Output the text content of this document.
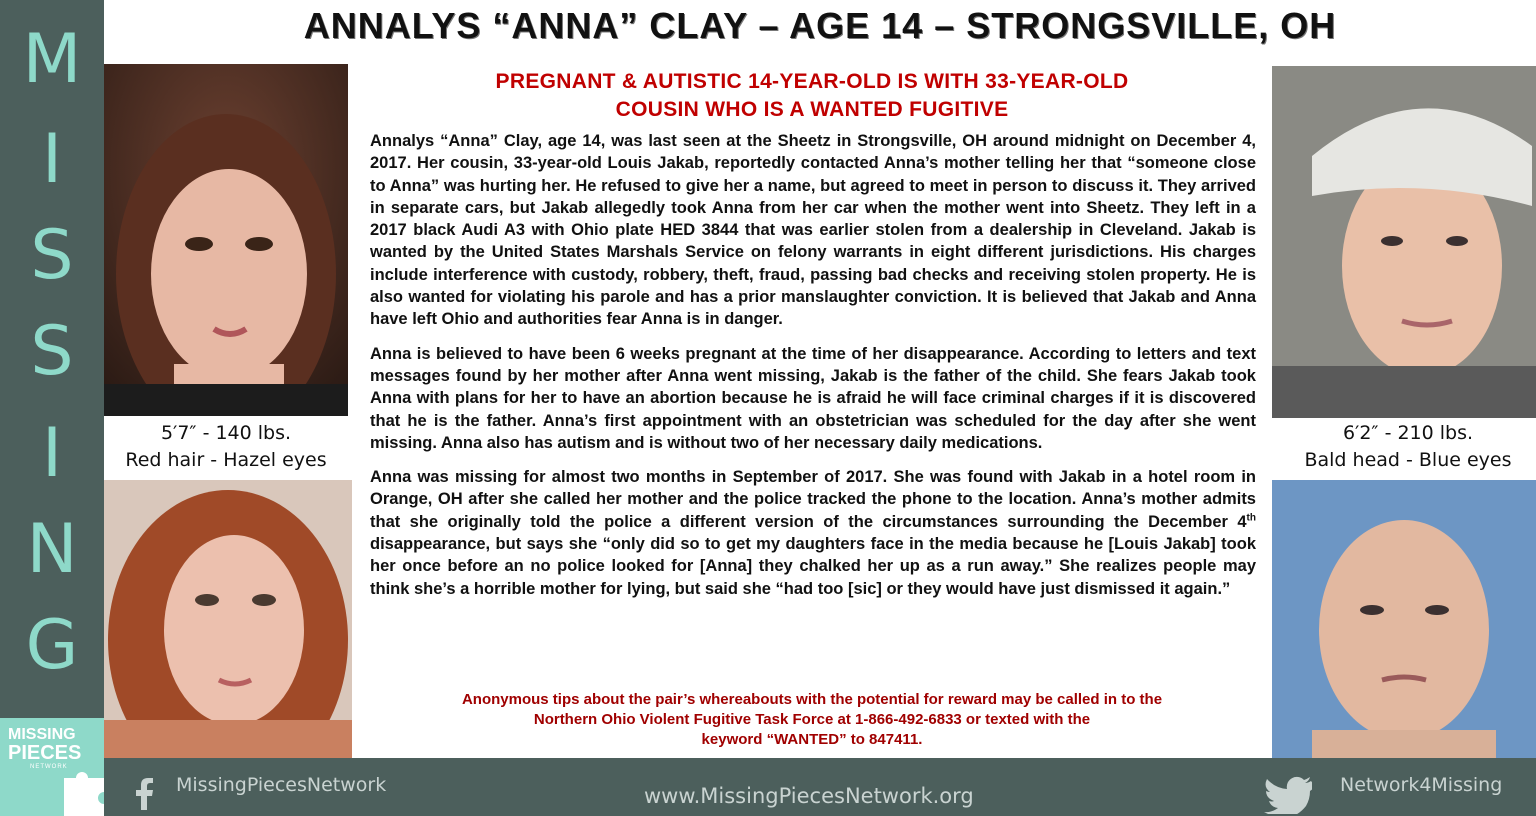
M
I
S
S
I
N
G
MISSING
PIECES
NETWORK
ANNALYS “ANNA” CLAY – AGE 14 – STRONGSVILLE, OH
5′7″ - 140 lbs.
Red hair - Hazel eyes
PREGNANT & AUTISTIC 14-YEAR-OLD IS WITH 33-YEAR-OLD
COUSIN WHO IS A WANTED FUGITIVE

Annalys “Anna” Clay, age 14, was last seen at the Sheetz in Strongsville, OH around midnight on December 4, 2017. Her cousin, 33-year-old Louis Jakab, reportedly contacted Anna’s mother telling her that “someone close to Anna” was hurting her. He refused to give her a name, but agreed to meet in person to discuss it. They arrived in separate cars, but Jakab allegedly took Anna from her car when the mother went into Sheetz. They left in a 2017 black Audi A3 with Ohio plate HED 3844 that was earlier stolen from a dealership in Cleveland. Jakab is wanted by the United States Marshals Service on felony warrants in eight different jurisdictions. His charges include interference with custody, robbery, theft, fraud, passing bad checks and receiving stolen property. He is also wanted for violating his parole and has a prior manslaughter conviction. It is believed that Jakab and Anna have left Ohio and authorities fear Anna is in danger.

Anna is believed to have been 6 weeks pregnant at the time of her disappearance. According to letters and text messages found by her mother after Anna went missing, Jakab is the father of the child. She fears Jakab took Anna with plans for her to have an abortion because he is afraid he will face criminal charges if it is discovered that he is the father. Anna’s first appointment with an obstetrician was scheduled for the day after she went missing. Anna also has autism and is without two of her necessary daily medications.

Anna was missing for almost two months in September of 2017. She was found with Jakab in a hotel room in Orange, OH after she called her mother and the police tracked the phone to the location. Anna’s mother admits that she originally told the police a different version of the circumstances surrounding the December 4th disappearance, but says she “only did so to get my daughters face in the media because he [Louis Jakab] took her once before an no police looked for [Anna] they chalked her up as a run away.” She realizes people may think she’s a horrible mother for lying, but said she “had too [sic] or they would have just dismissed it again.”

Anonymous tips about the pair’s whereabouts with the potential for reward may be called in to the
Northern Ohio Violent Fugitive Task Force at 1-866-492-6833 or texted with the
keyword “WANTED” to 847411.
6′2″ - 210 lbs.
Bald head - Blue eyes
MissingPiecesNetwork	www.MissingPiecesNetwork.org	Network4Missing
